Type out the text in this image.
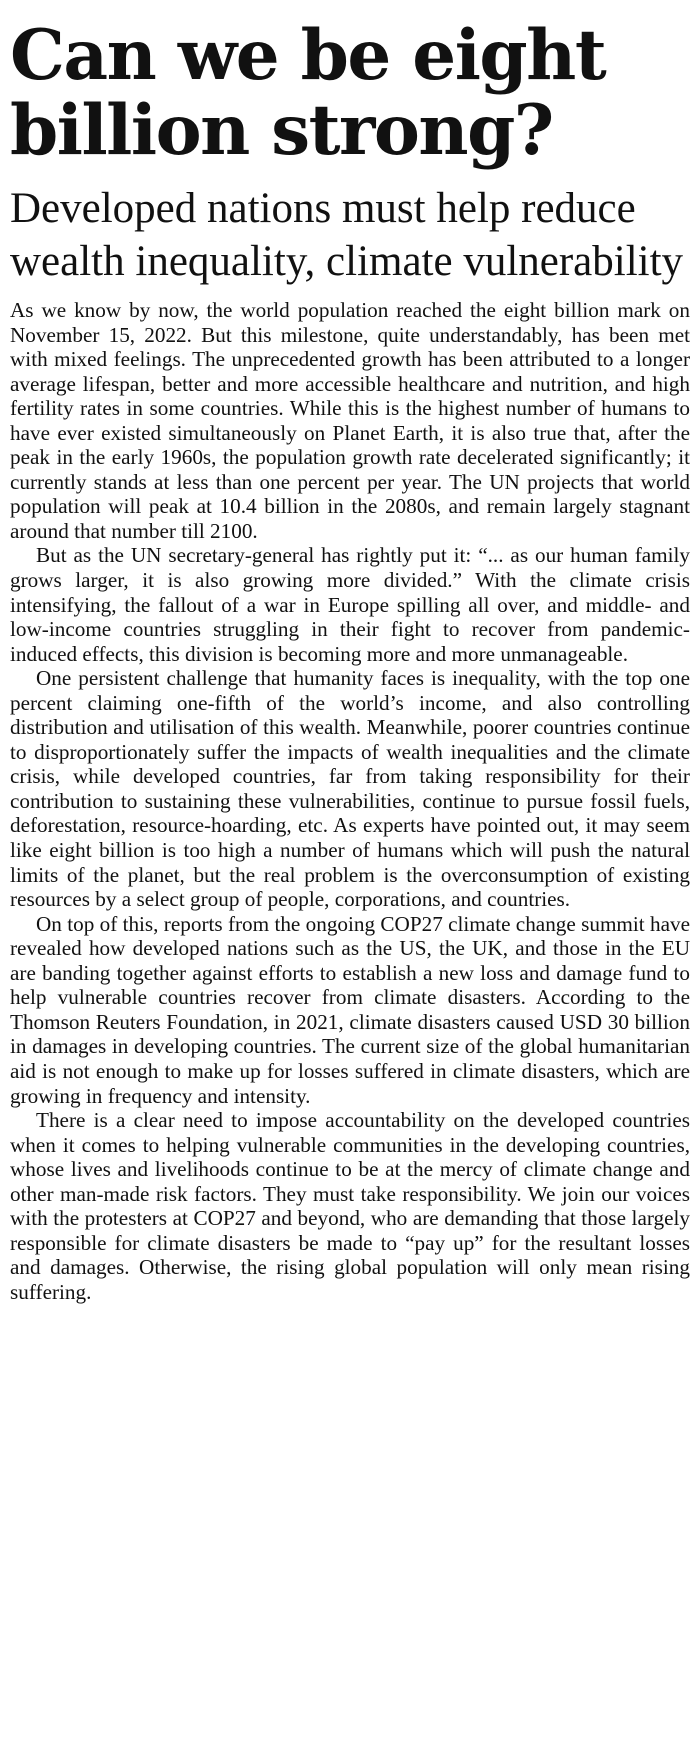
Can we be eight billion strong?
Developed nations must help reduce wealth inequality, climate vulnerability

As we know by now, the world population reached the eight billion mark on November 15, 2022. But this milestone, quite understandably, has been met with mixed feelings. The unprecedented growth has been attributed to a longer average lifespan, better and more accessible healthcare and nutrition, and high fertility rates in some countries. While this is the highest number of humans to have ever existed simultaneously on Planet Earth, it is also true that, after the peak in the early 1960s, the population growth rate decelerated significantly; it currently stands at less than one percent per year. The UN projects that world population will peak at 10.4 billion in the 2080s, and remain largely stagnant around that number till 2100.

But as the UN secretary-general has rightly put it: “... as our human family grows larger, it is also growing more divided.” With the climate crisis intensifying, the fallout of a war in Europe spilling all over, and middle- and low-income countries struggling in their fight to recover from pandemic-induced effects, this division is becoming more and more unmanageable.

One persistent challenge that humanity faces is inequality, with the top one percent claiming one-fifth of the world’s income, and also controlling distribution and utilisation of this wealth. Meanwhile, poorer countries continue to disproportionately suffer the impacts of wealth inequalities and the climate crisis, while developed countries, far from taking responsibility for their contribution to sustaining these vulnerabilities, continue to pursue fossil fuels, deforestation, resource-hoarding, etc. As experts have pointed out, it may seem like eight billion is too high a number of humans which will push the natural limits of the planet, but the real problem is the overconsumption of existing resources by a select group of people, corporations, and countries.

On top of this, reports from the ongoing COP27 climate change summit have revealed how developed nations such as the US, the UK, and those in the EU are banding together against efforts to establish a new loss and damage fund to help vulnerable countries recover from climate disasters. According to the Thomson Reuters Foundation, in 2021, climate disasters caused USD 30 billion in damages in developing countries. The current size of the global humanitarian aid is not enough to make up for losses suffered in climate disasters, which are growing in frequency and intensity.

There is a clear need to impose accountability on the developed countries when it comes to helping vulnerable communities in the developing countries, whose lives and livelihoods continue to be at the mercy of climate change and other man-made risk factors. They must take responsibility. We join our voices with the protesters at COP27 and beyond, who are demanding that those largely responsible for climate disasters be made to “pay up” for the resultant losses and damages. Otherwise, the rising global population will only mean rising suffering.
